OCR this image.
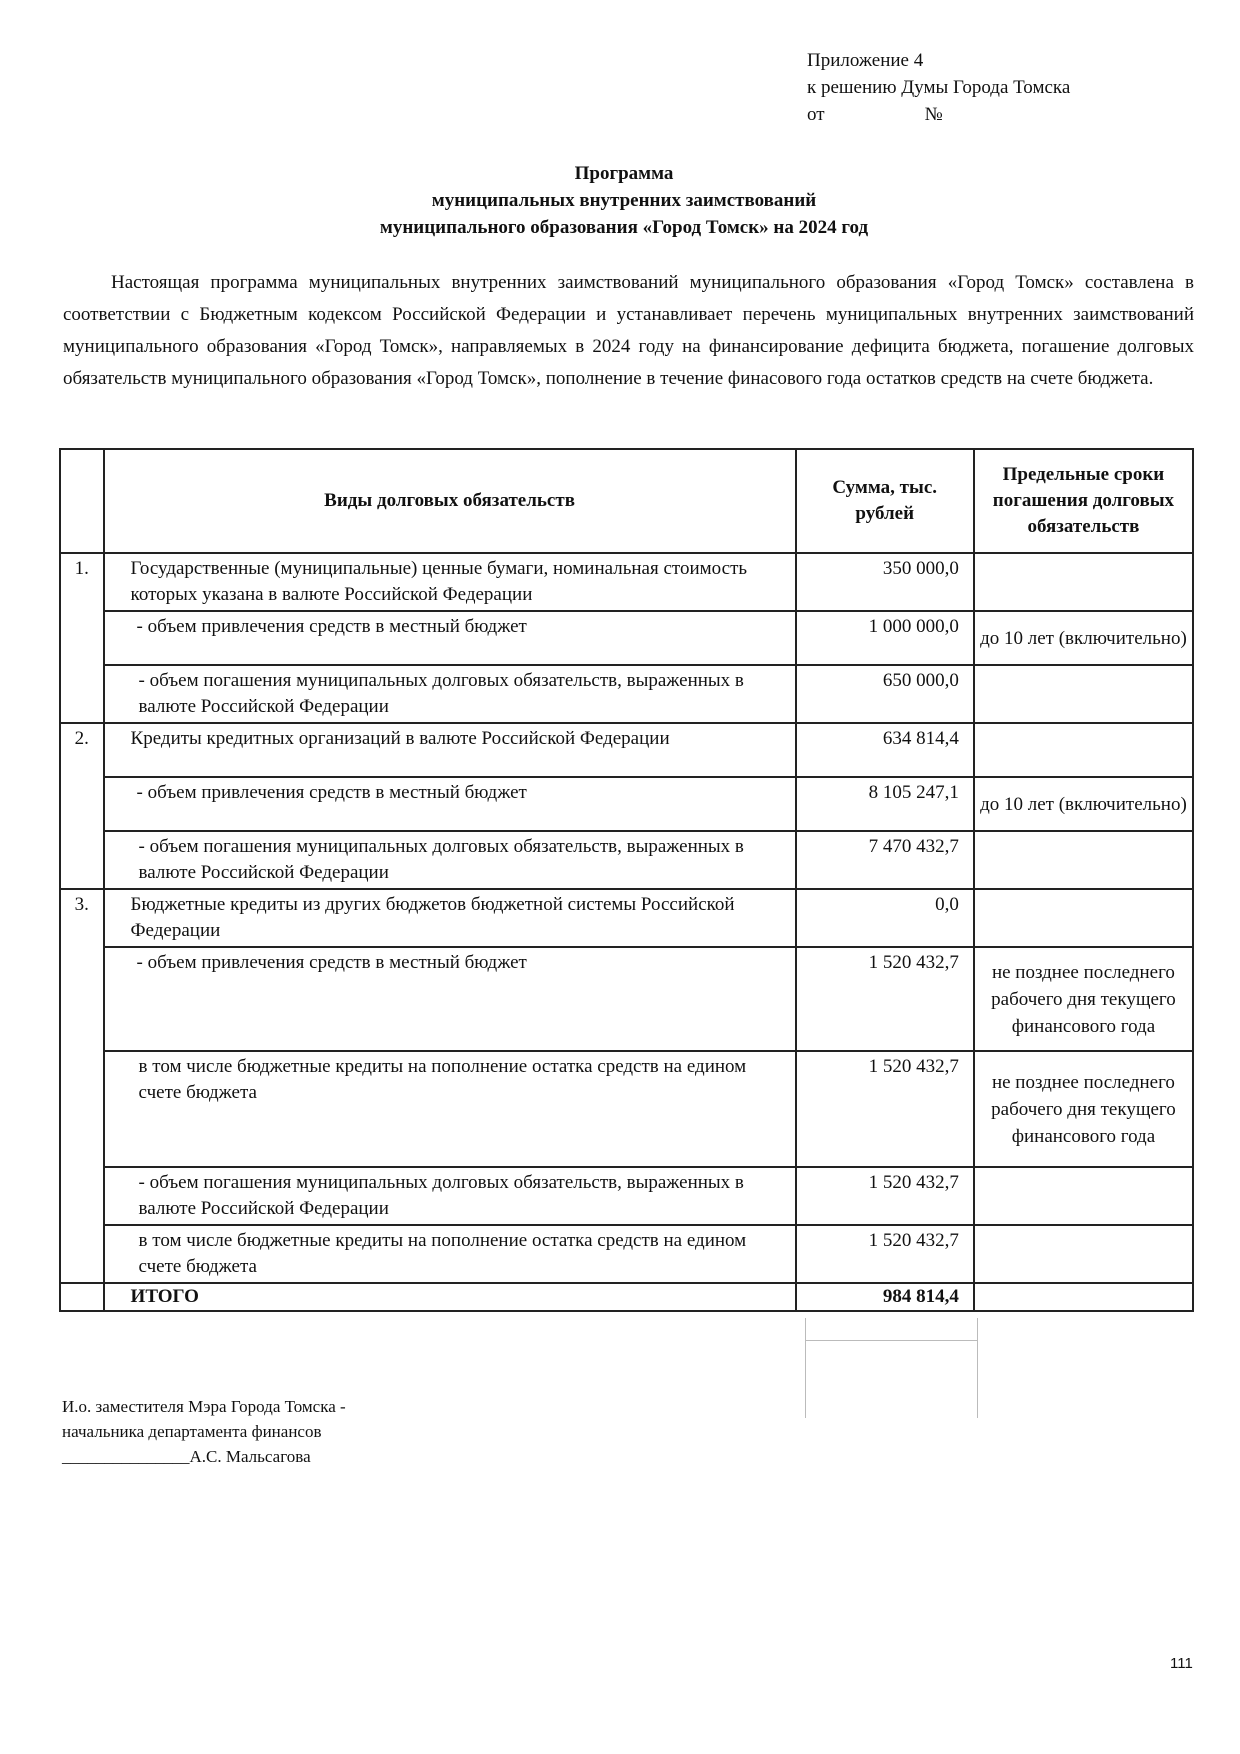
Приложение 4
к решению Думы Города Томска
от	№
Программа
муниципальных внутренних заимствований
муниципального образования «Город Томск» на 2024 год

Настоящая программа муниципальных внутренних заимствований муниципального образования «Город Томск» составлена в соответствии с Бюджетным кодексом Российской Федерации и устанавливает перечень муниципальных внутренних заимствований муниципального образования «Город Томск», направляемых в 2024 году на финансирование дефицита бюджета, погашение долговых обязательств муниципального образования «Город Томск», пополнение в течение финасового года остатков средств на счете бюджета.

	Виды долговых обязательств	Сумма, тыс. рублей	Предельные сроки погашения долговых обязательств
1.	Государственные (муниципальные) ценные бумаги, номинальная стоимость которых указана в валюте Российской Федерации	350 000,0	
	- объем привлечения средств в местный бюджет	1 000 000,0	до 10 лет (включительно)
	- объем погашения муниципальных долговых обязательств, выраженных в валюте Российской Федерации	650 000,0	
2.	Кредиты кредитных организаций в валюте Российской Федерации	634 814,4	
	- объем привлечения средств в местный бюджет	8 105 247,1	до 10 лет (включительно)
	- объем погашения муниципальных долговых обязательств, выраженных в валюте Российской Федерации	7 470 432,7	
3.	Бюджетные кредиты из других бюджетов бюджетной системы Российской Федерации	0,0	
	- объем привлечения средств в местный бюджет	1 520 432,7	не позднее последнего рабочего дня текущего финансового года
	в том числе бюджетные кредиты на пополнение остатка средств на едином счете бюджета	1 520 432,7	не позднее последнего рабочего дня текущего финансового года
	- объем погашения муниципальных долговых обязательств, выраженных в валюте Российской Федерации	1 520 432,7	
	в том числе бюджетные кредиты на пополнение остатка средств на едином счете бюджета	1 520 432,7	
	ИТОГО	984 814,4	
И.о. заместителя Мэра Города Томска -
начальника департамента финансов
_______________А.С. Мальсагова
111
